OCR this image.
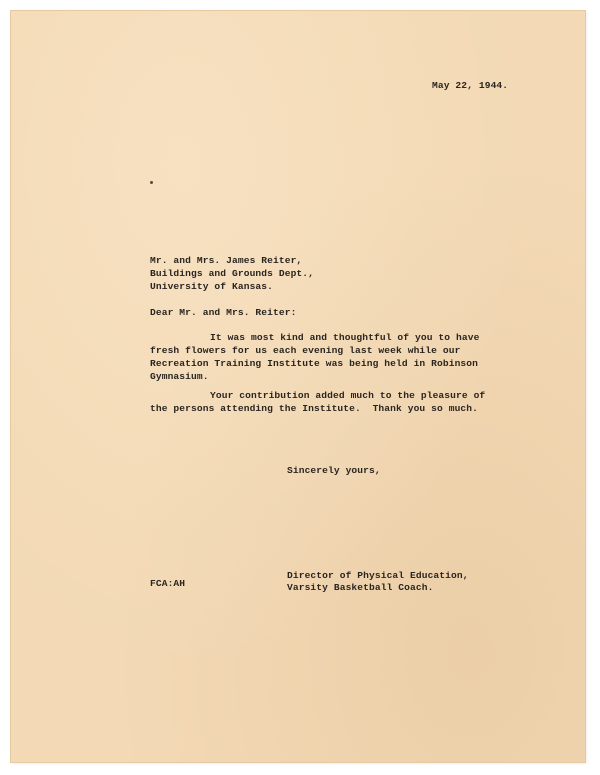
May 22, 1944.
Mr. and Mrs. James Reiter,
Buildings and Grounds Dept.,
University of Kansas.
Dear Mr. and Mrs. Reiter:
It was most kind and thoughtful of you to have
fresh flowers for us each evening last week while our
Recreation Training Institute was being held in Robinson
Gymnasium.
Your contribution added much to the pleasure of
the persons attending the Institute.  Thank you so much.
Sincerely yours,
FCA:AH
Director of Physical Education,
Varsity Basketball Coach.
